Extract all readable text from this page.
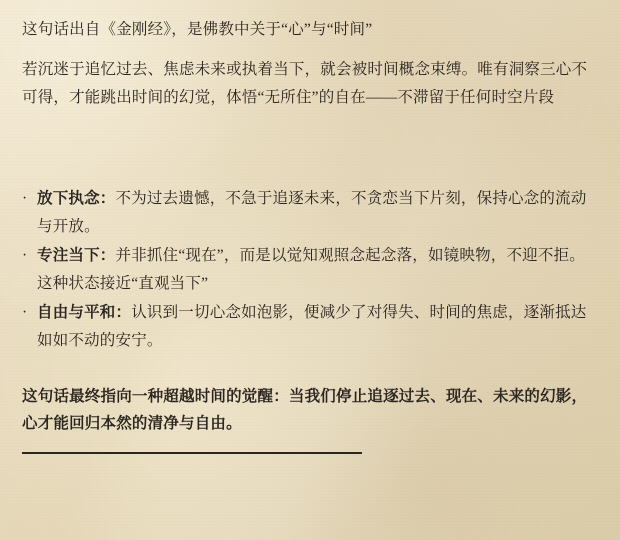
这句话出自《金刚经》，是佛教中关于“心”与“时间”

若沉迷于追忆过去、焦虑未来或执着当下，就会被时间概念束缚。唯有洞察三心不可得，才能跳出时间的幻觉，体悟“无所住”的自在——不滞留于任何时空片段

· 放下执念：不为过去遗憾，不急于追逐未来，不贪恋当下片刻，保持心念的流动与开放。
· 专注当下：并非抓住“现在”，而是以觉知观照念起念落，如镜映物，不迎不拒。这种状态接近“直观当下”
· 自由与平和：认识到一切心念如泡影，便减少了对得失、时间的焦虑，逐渐抵达如如不动的安宁。

这句话最终指向一种超越时间的觉醒：当我们停止追逐过去、现在、未来的幻影，心才能回归本然的清净与自由。
